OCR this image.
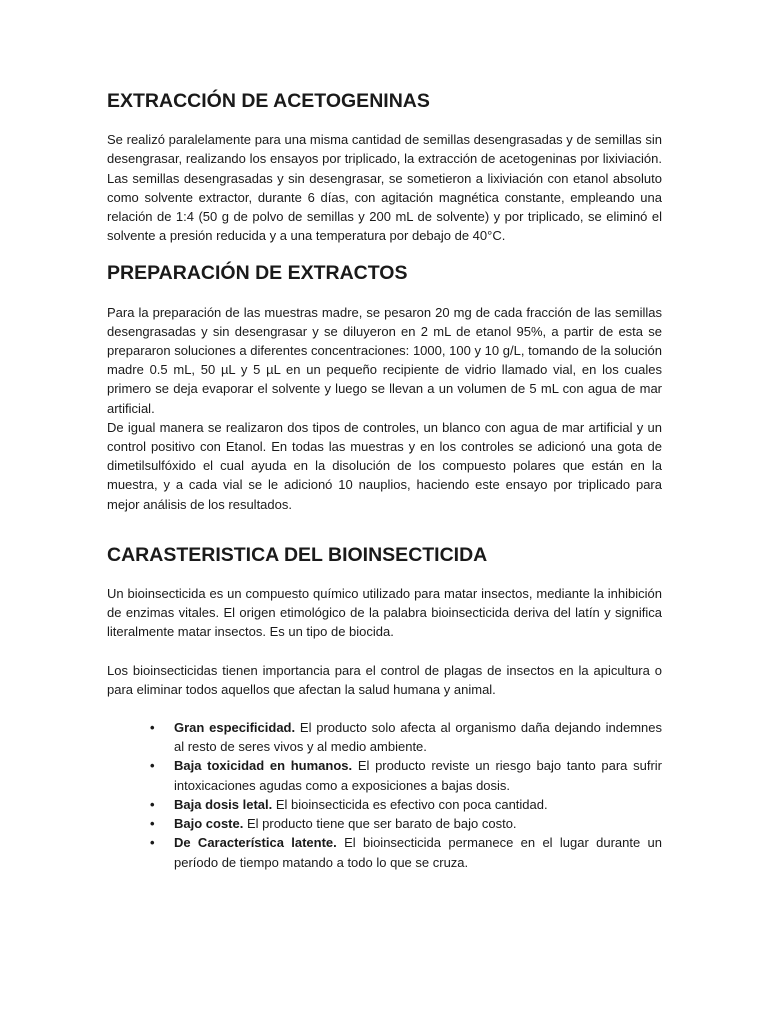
EXTRACCIÓN DE ACETOGENINAS

Se realizó paralelamente para una misma cantidad de semillas desengrasadas y de semillas sin desengrasar, realizando los ensayos por triplicado, la extracción de acetogeninas por lixiviación. Las semillas desengrasadas y sin desengrasar, se sometieron a lixiviación con etanol absoluto como solvente extractor, durante 6 días, con agitación magnética constante, empleando una relación de 1:4 (50 g de polvo de semillas y 200 mL de solvente) y por triplicado, se eliminó el solvente a presión reducida y a una temperatura por debajo de 40°C.

PREPARACIÓN DE EXTRACTOS

Para la preparación de las muestras madre, se pesaron 20 mg de cada fracción de las semillas desengrasadas y sin desengrasar y se diluyeron en 2 mL de etanol 95%, a partir de esta se prepararon soluciones a diferentes concentraciones: 1000, 100 y 10 g/L, tomando de la solución madre 0.5 mL, 50 µL y 5 µL en un pequeño recipiente de vidrio llamado vial, en los cuales primero se deja evaporar el solvente y luego se llevan a un volumen de 5 mL con agua de mar artificial.

De igual manera se realizaron dos tipos de controles, un blanco con agua de mar artificial y un control positivo con Etanol. En todas las muestras y en los controles se adicionó una gota de dimetilsulfóxido el cual ayuda en la disolución de los compuesto polares que están en la muestra, y a cada vial se le adicionó 10 nauplios, haciendo este ensayo por triplicado para mejor análisis de los resultados.

CARASTERISTICA DEL BIOINSECTICIDA

Un bioinsecticida es un compuesto químico utilizado para matar insectos, mediante la inhibición de enzimas vitales. El origen etimológico de la palabra bioinsecticida deriva del latín y significa literalmente matar insectos. Es un tipo de biocida.

Los bioinsecticidas tienen importancia para el control de plagas de insectos en la apicultura o para eliminar todos aquellos que afectan la salud humana y animal.

• Gran especificidad. El producto solo afecta al organismo daña dejando indemnes al resto de seres vivos y al medio ambiente.
• Baja toxicidad en humanos. El producto reviste un riesgo bajo tanto para sufrir intoxicaciones agudas como a exposiciones a bajas dosis.
• Baja dosis letal. El bioinsecticida es efectivo con poca cantidad.
• Bajo coste. El producto tiene que ser barato de bajo costo.
• De Característica latente. El bioinsecticida permanece en el lugar durante un período de tiempo matando a todo lo que se cruza.
